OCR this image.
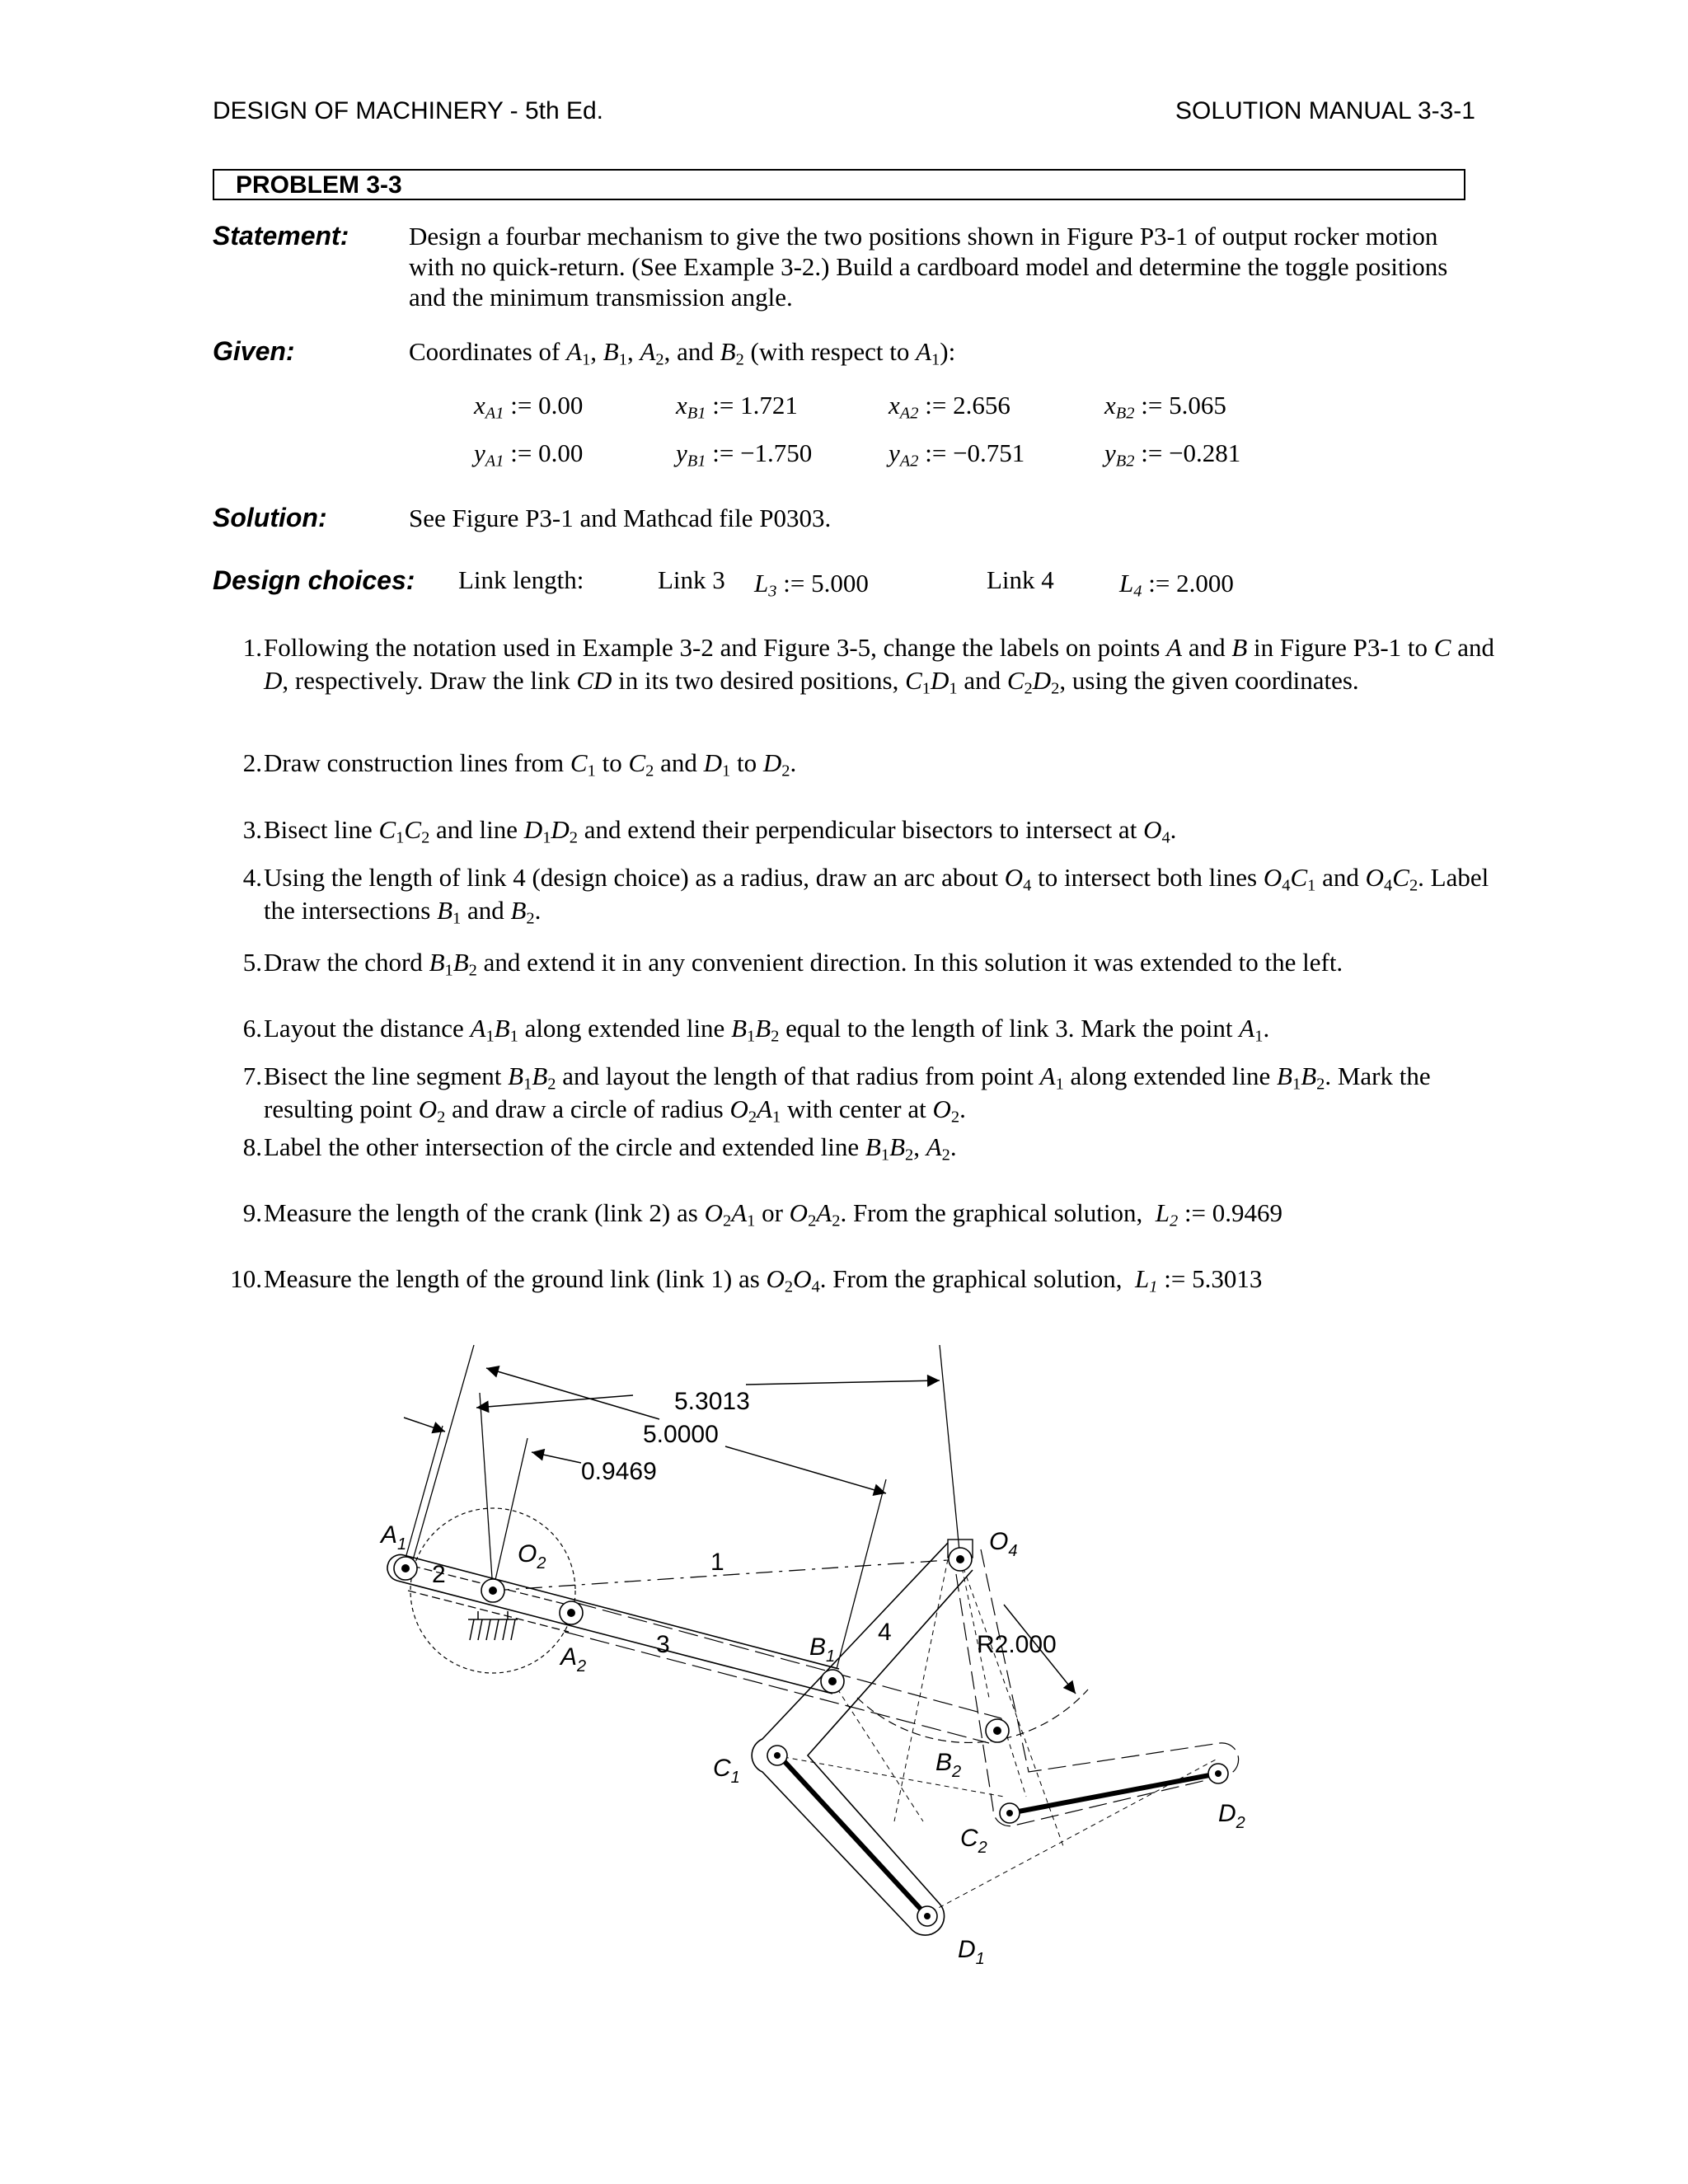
DESIGN OF MACHINERY - 5th Ed.	SOLUTION MANUAL 3-3-1
PROBLEM 3-3
Statement: Design a fourbar mechanism to give the two positions shown in Figure P3-1 of output rocker motion with no quick-return. (See Example 3-2.) Build a cardboard model and determine the toggle positions and the minimum transmission angle.
Given:	Coordinates of $A_1$, $B_1$, $A_2$, and $B_2$ (with respect to $A_1$):
$x_{A1}$ := 0.00	$x_{B1}$ := 1.721	$x_{A2}$ := 2.656	$x_{B2}$ := 5.065
$y_{A1}$ := 0.00	$y_{B1}$ := −1.750	$y_{A2}$ := −0.751	$y_{B2}$ := −0.281
Solution:	See Figure P3-1 and Mathcad file P0303.
Design choices: Link length:	Link 3 $L_3$ := 5.000	Link 4	$L_4$ := 2.000
1. Following the notation used in Example 3-2 and Figure 3-5, change the labels on points A and B in Figure P3-1 to C and D, respectively. Draw the link CD in its two desired positions, $C_1D_1$ and $C_2D_2$, using the given coordinates.
2. Draw construction lines from $C_1$ to $C_2$ and $D_1$ to $D_2$.
3. Bisect line $C_1C_2$ and line $D_1D_2$ and extend their perpendicular bisectors to intersect at $O_4$.
4. Using the length of link 4 (design choice) as a radius, draw an arc about $O_4$ to intersect both lines $O_4C_1$ and $O_4C_2$. Label the intersections $B_1$ and $B_2$.
5. Draw the chord $B_1B_2$ and extend it in any convenient direction. In this solution it was extended to the left.
6. Layout the distance $A_1B_1$ along extended line $B_1B_2$ equal to the length of link 3. Mark the point $A_1$.
7. Bisect the line segment $B_1B_2$ and layout the length of that radius from point $A_1$ along extended line $B_1B_2$. Mark the resulting point $O_2$ and draw a circle of radius $O_2A_1$ with center at $O_2$.
8. Label the other intersection of the circle and extended line $B_1B_2$, $A_2$.
9. Measure the length of the crank (link 2) as $O_2A_1$ or $O_2A_2$. From the graphical solution,  $L_2$ := 0.9469
10. Measure the length of the ground link (link 1) as $O_2O_4$. From the graphical solution,  $L_1$ := 5.3013
5.3013
5.0000
0.9469
R2.000
2	1
3	4
$A_1$	$O_2$
$A_2$
$O_4$
$B_1$
$B_2$
$C_1$
$C_2$
$D_1$
$D_2$
